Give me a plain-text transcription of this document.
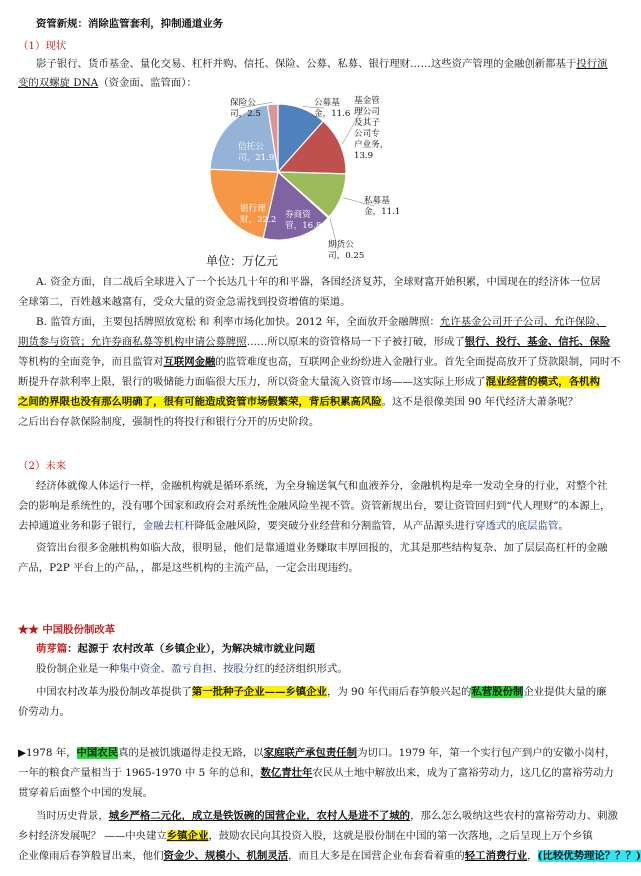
资管新规：消除监管套利，抑制通道业务
（1）现状
影子银行、货币基金、量化交易、杠杆并购、信托、保险、公募、私募、银行理财……这些资产管理的金融创新都基于投行演
变的双螺旋 DNA（资金面、监管面）：
公募基
金，11.6
基金管
理公司
及其子
公司专
户业务，
13.9
私募基
金，11.1
期货公
司，0.25
券商资
管，16.8
银行理
财，22.2
信托公
司，21.9
保险公
司，2.5
单位：万亿元
A. 资金方面，自二战后全球进入了一个长达几十年的和平器，各国经济复苏，全球财富开始积累，中国现在的经济体一位居
全球第二，百姓越来越富有，受众大量的资金急需找到投资增值的渠道。
B. 监管方面，主要包括牌照放宽松 和 利率市场化加快。2012 年，全面放开金融牌照：允许基金公司开子公司、允许保险、
期货参与资管；允许券商私募等机构申请公募牌照……所以原来的资管格局一下子被打破，形成了银行、投行、基金、信托、保险
等机构的全面竞争，而且监管对互联网金融的监管难度也高，互联网企业纷纷进入金融行业。首先全面提高放开了贷款限制，同时不
断提升存款利率上限，银行的吸储能力面临很大压力，所以资金大量流入资管市场——这实际上形成了混业经营的模式，各机构
之间的界限也没有那么明确了，很有可能造成资管市场假繁荣，背后积累高风险。这不是很像美国 90 年代经济大萧条呢？
之后出台存款保险制度，强制性的将投行和银行分开的历史阶段。
（2）未来
经济体就像人体运行一样，金融机构就是循环系统，为全身输送氧气和血液养分，金融机构是牵一发动全身的行业，对整个社
会的影响是系统性的，没有哪个国家和政府会对系统性金融风险坐视不管。资管新规出台，要让资管回归到“代人理财”的本源上，
去掉通道业务和影子银行，金融去杠杆降低金融风险，要突破分业经营和分割监管，从产品源头进行穿透式的底层监管。
资管出台很多金融机构如临大敌，很明显，他们是靠通道业务赚取丰厚回报的，尤其是那些结构复杂、加了层层高杠杆的金融
产品，P2P 平台上的产品，，都是这些机构的主流产品，一定会出现违约。
★★ 中国股份制改革
萌芽篇：起源于 农村改革（乡镇企业），为解决城市就业问题
股份制企业是一种集中资金、盈亏自担、按股分红的经济组织形式。
中国农村改革为股份制改革提供了第一批种子企业——乡镇企业，为 90 年代雨后春笋般兴起的私营股份制企业提供大量的廉
价劳动力。
▶1978 年，中国农民真的是被饥饿逼得走投无路，以家庭联产承包责任制为切口。1979 年，第一个实行包产到户的安徽小岗村，
一年的粮食产量相当于 1965-1970 中 5 年的总和，数亿青壮年农民从土地中解放出来，成为了富裕劳动力，这几亿的富裕劳动力
贯穿着后面整个中国的发展。
当时历史背景，城乡严格二元化，成立是铁饭碗的国营企业，农村人是进不了城的，那么怎么吸纳这些农村的富裕劳动力、刺激
乡村经济发展呢？ ——中央建立乡镇企业，鼓励农民向其投资入股，这就是股份制在中国的第一次落地，之后呈现上万个乡镇
企业像雨后春笋般冒出来，他们资金少、规模小、机制灵活，而且大多是在国营企业布套看着重的轻工消费行业，(比较优势理论？？？)
